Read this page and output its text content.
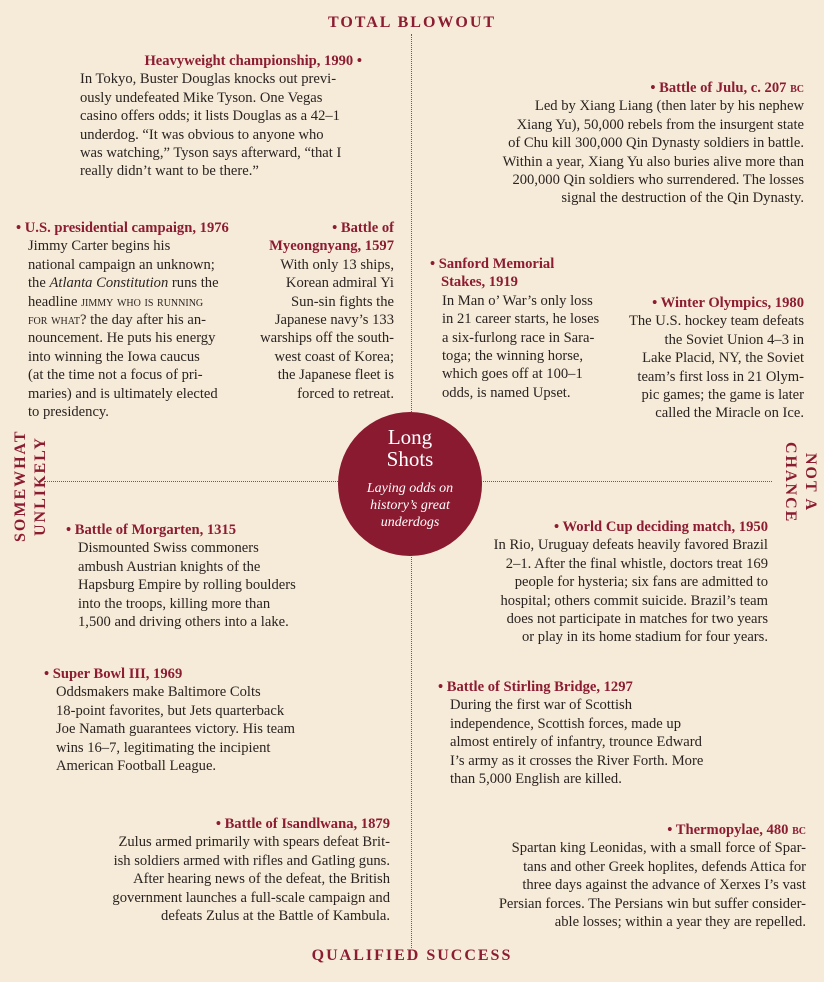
TOTAL BLOWOUT
QUALIFIED SUCCESS
SOMEWHAT UNLIKELY	NOT A
CHANCE
Long
Shots
Laying odds on
history’s great
underdogs
Heavyweight championship, 1990 •
In Tokyo, Buster Douglas knocks out previ-
ously undefeated Mike Tyson. One Vegas
casino offers odds; it lists Douglas as a 42–1
underdog. “It was obvious to anyone who
was watching,” Tyson says afterward, “that I
really didn’t want to be there.”
• Battle of Julu, c. 207 bc
Led by Xiang Liang (then later by his nephew
Xiang Yu), 50,000 rebels from the insurgent state
of Chu kill 300,000 Qin Dynasty soldiers in battle.
Within a year, Xiang Yu also buries alive more than
200,000 Qin soldiers who surrendered. The losses
signal the destruction of the Qin Dynasty.
• U.S. presidential campaign, 1976
Jimmy Carter begins his
national campaign an unknown;
the Atlanta Constitution runs the
headline jimmy who is running
for what? the day after his an-
nouncement. He puts his energy
into winning the Iowa caucus
(at the time not a focus of pri-
maries) and is ultimately elected
to presidency.
• Battle of
Myeongnyang, 1597
With only 13 ships,
Korean admiral Yi
Sun-sin fights the
Japanese navy’s 133
warships off the south-
west coast of Korea;
the Japanese fleet is
forced to retreat.
• Sanford Memorial
Stakes, 1919
In Man o’ War’s only loss
in 21 career starts, he loses
a six-furlong race in Sara-
toga; the winning horse,
which goes off at 100–1
odds, is named Upset.
• Winter Olympics, 1980
The U.S. hockey team defeats
the Soviet Union 4–3 in
Lake Placid, NY, the Soviet
team’s first loss in 21 Olym-
pic games; the game is later
called the Miracle on Ice.
• Battle of Morgarten, 1315
Dismounted Swiss commoners
ambush Austrian knights of the
Hapsburg Empire by rolling boulders
into the troops, killing more than
1,500 and driving others into a lake.
• World Cup deciding match, 1950
In Rio, Uruguay defeats heavily favored Brazil
2–1. After the final whistle, doctors treat 169
people for hysteria; six fans are admitted to
hospital; others commit suicide. Brazil’s team
does not participate in matches for two years
or play in its home stadium for four years.
• Super Bowl III, 1969
Oddsmakers make Baltimore Colts
18-point favorites, but Jets quarterback
Joe Namath guarantees victory. His team
wins 16–7, legitimating the incipient
American Football League.
• Battle of Stirling Bridge, 1297
During the first war of Scottish
independence, Scottish forces, made up
almost entirely of infantry, trounce Edward
I’s army as it crosses the River Forth. More
than 5,000 English are killed.
• Battle of Isandlwana, 1879
Zulus armed primarily with spears defeat Brit-
ish soldiers armed with rifles and Gatling guns.
After hearing news of the defeat, the British
government launches a full-scale campaign and
defeats Zulus at the Battle of Kambula.
• Thermopylae, 480 bc
Spartan king Leonidas, with a small force of Spar-
tans and other Greek hoplites, defends Attica for
three days against the advance of Xerxes I’s vast
Persian forces. The Persians win but suffer consider-
able losses; within a year they are repelled.
